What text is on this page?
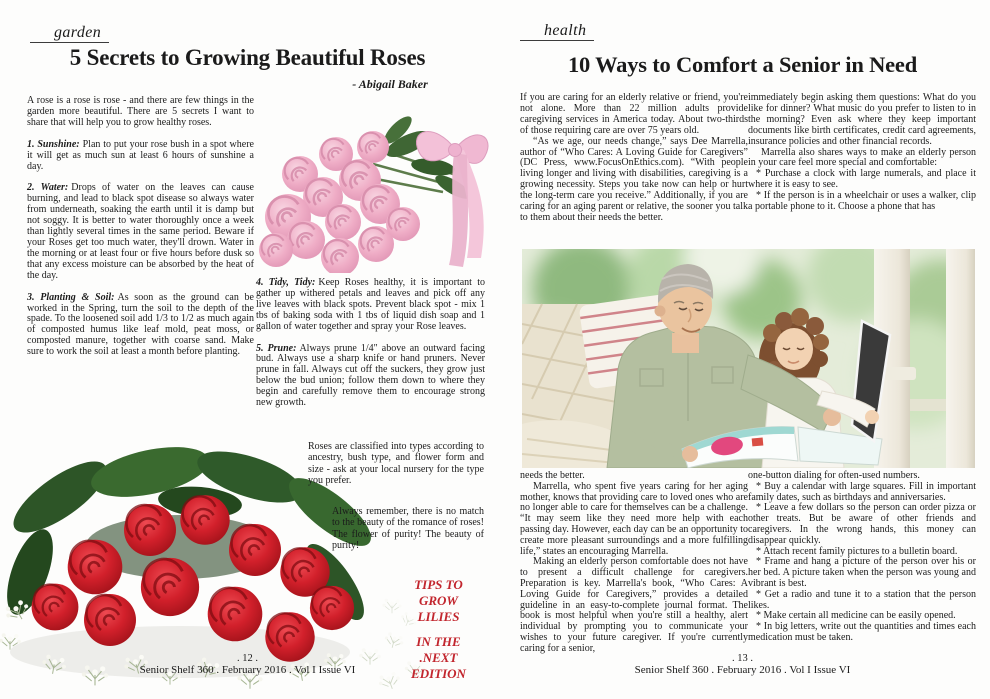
garden
5 Secrets to Growing Beautiful Roses
- Abigail Baker

A rose is a rose is rose - and there are few things in the garden more beautiful. There are 5 secrets I want to share that will help you to grow healthy roses.

1. Sunshine: Plan to put your rose bush in a spot where it will get as much sun at least 6 hours of sunshine a day.

2. Water: Drops of water on the leaves can cause burning, and lead to black spot disease so always water from underneath, soaking the earth until it is damp but not soggy. It is better to water thoroughly once a week than lightly several times in the same period. Beware if your Roses get too much water, they'll drown. Water in the morning or at least four or five hours before dusk so that any excess moisture can be absorbed by the heat of the day.

3. Planting & Soil: As soon as the ground can be worked in the Spring, turn the soil to the depth of the spade. To the loosened soil add 1/3 to 1/2 as much again of composted humus like leaf mold, peat moss, or composted manure, together with coarse sand. Make sure to work the soil at least a month before planting.

4. Tidy, Tidy: Keep Roses healthy, it is important to gather up withered petals and leaves and pick off any live leaves with black spots. Prevent black spot - mix 1 tbs of baking soda with 1 tbs of liquid dish soap and 1 gallon of water together and spray your Rose leaves.

5. Prune: Always prune 1/4" above an outward facing bud. Always use a sharp knife or hand pruners. Never prune in fall. Always cut off the suckers, they grow just below the bud union; follow them down to where they begin and carefully remove them to encourage strong new growth.

Roses are classified into types according to ancestry, bush type, and flower form and size - ask at your local nursery for the type you prefer.
Always remember, there is no match to the beauty of the romance of roses! The flower of purity! The beauty of purity!
TIPS TO
GROW
LILIES
IN THE
.NEXT
EDITION
. 12 .
Senior Shelf 360 . February 2016 . Vol I Issue VI
health
10 Ways to Comfort a Senior in Need

If you are caring for an elderly relative or friend, you're not alone. More than 22 million adults provide caregiving services in America today. About two-thirds of those requiring care are over 75 years old.

“As we age, our needs change,” says Dee Marrella, author of “Who Cares: A Loving Guide for Caregivers” (DC Press, www.FocusOnEthics.com). “With people living longer and living with disabilities, caregiving is a growing necessity. Steps you take now can help or hurt the long-term care you receive.” Additionally, if you are caring for an aging parent or relative, the sooner you talk to them about their needs the better.

immediately begin asking them questions: What do you like for dinner? What music do you prefer to listen to in the morning? Even ask where they keep important documents like birth certificates, credit card agreements, insurance policies and other financial records.

Marrella also shares ways to make an elderly person in your care feel more special and comfortable:

* Purchase a clock with large numerals, and place it where it is easy to see.

* If the person is in a wheelchair or uses a walker, clip a portable phone to it. Choose a phone that has

needs the better.

Marrella, who spent five years caring for her aging mother, knows that providing care to loved ones who are no longer able to care for themselves can be a challenge. “It may seem like they need more help with each passing day. However, each day can be an opportunity to create more pleasant surroundings and a more fulfilling life,” states an encouraging Marrella.

Making an elderly person comfortable does not have to present a difficult challenge for caregivers. Preparation is key. Marrella's book, “Who Cares: A Loving Guide for Caregivers,” provides a detailed guideline in an easy-to-complete journal format. The book is most helpful when you're still a healthy, alert individual by prompting you to communicate your wishes to your future caregiver. If you're currently caring for a senior,

one-button dialing for often-used numbers.

* Buy a calendar with large squares. Fill in important family dates, such as birthdays and anniversaries.

* Leave a few dollars so the person can order pizza or other treats. But be aware of other friends and caregivers. In the wrong hands, this money can disappear quickly.

* Attach recent family pictures to a bulletin board.

* Frame and hang a picture of the person over his or her bed. A picture taken when the person was young and vibrant is best.

* Get a radio and tune it to a station that the person likes.

* Make certain all medicine can be easily opened.

* In big letters, write out the quantities and times each medication must be taken.

. 13 .
Senior Shelf 360 . February 2016 . Vol I Issue VI
